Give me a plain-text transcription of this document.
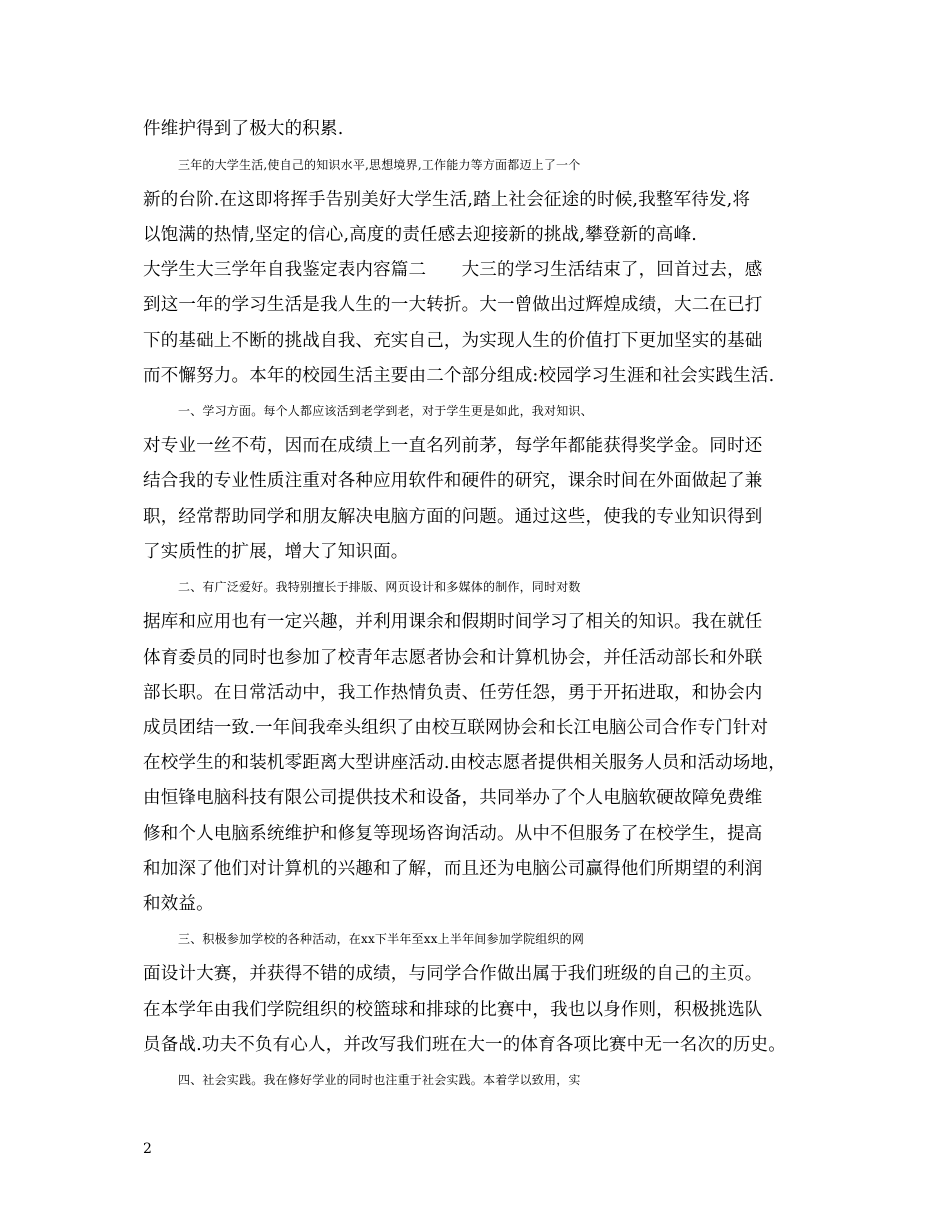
件维护得到了极大的积累.
三年的大学生活,使自己的知识水平,思想境界,工作能力等方面都迈上了一个
新的台阶.在这即将挥手告别美好大学生活,踏上社会征途的时候,我整军待发,将
以饱满的热情,坚定的信心,高度的责任感去迎接新的挑战,攀登新的高峰.
大学生大三学年自我鉴定表内容篇二　　大三的学习生活结束了，回首过去，感
到这一年的学习生活是我人生的一大转折。大一曾做出过辉煌成绩，大二在已打
下的基础上不断的挑战自我、充实自己，为实现人生的价值打下更加坚实的基础
而不懈努力。本年的校园生活主要由二个部分组成:校园学习生涯和社会实践生活.
一、学习方面。每个人都应该活到老学到老，对于学生更是如此，我对知识、
对专业一丝不苟，因而在成绩上一直名列前茅，每学年都能获得奖学金。同时还
结合我的专业性质注重对各种应用软件和硬件的研究，课余时间在外面做起了兼
职，经常帮助同学和朋友解决电脑方面的问题。通过这些，使我的专业知识得到
了实质性的扩展，增大了知识面。
二、有广泛爱好。我特别擅长于排版、网页设计和多媒体的制作，同时对数
据库和应用也有一定兴趣，并利用课余和假期时间学习了相关的知识。我在就任
体育委员的同时也参加了校青年志愿者协会和计算机协会，并任活动部长和外联
部长职。在日常活动中，我工作热情负责、任劳任怨，勇于开拓进取，和协会内
成员团结一致.一年间我牵头组织了由校互联网协会和长江电脑公司合作专门针对
在校学生的和装机零距离大型讲座活动.由校志愿者提供相关服务人员和活动场地，
由恒锋电脑科技有限公司提供技术和设备，共同举办了个人电脑软硬故障免费维
修和个人电脑系统维护和修复等现场咨询活动。从中不但服务了在校学生，提高
和加深了他们对计算机的兴趣和了解，而且还为电脑公司赢得他们所期望的利润
和效益。
三、积极参加学校的各种活动，在xx下半年至xx上半年间参加学院组织的网
面设计大赛，并获得不错的成绩，与同学合作做出属于我们班级的自己的主页。
在本学年由我们学院组织的校篮球和排球的比赛中，我也以身作则，积极挑选队
员备战.功夫不负有心人，并改写我们班在大一的体育各项比赛中无一名次的历史。
四、社会实践。我在修好学业的同时也注重于社会实践。本着学以致用，实
2
